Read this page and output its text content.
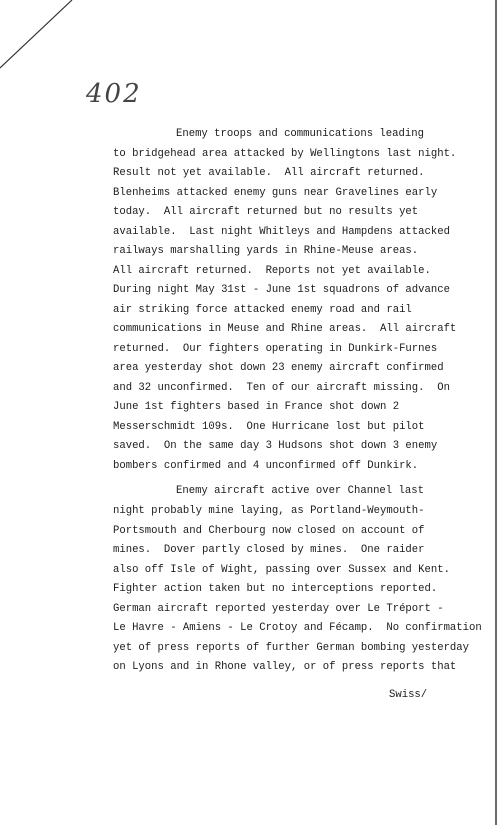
402
Enemy troops and communications leading
to bridgehead area attacked by Wellingtons last night.
Result not yet available.  All aircraft returned.
Blenheims attacked enemy guns near Gravelines early
today.  All aircraft returned but no results yet
available.  Last night Whitleys and Hampdens attacked
railways marshalling yards in Rhine-Meuse areas.
All aircraft returned.  Reports not yet available.
During night May 31st - June 1st squadrons of advance
air striking force attacked enemy road and rail
communications in Meuse and Rhine areas.  All aircraft
returned.  Our fighters operating in Dunkirk-Furnes
area yesterday shot down 23 enemy aircraft confirmed
and 32 unconfirmed.  Ten of our aircraft missing.  On
June 1st fighters based in France shot down 2
Messerschmidt 109s.  One Hurricane lost but pilot
saved.  On the same day 3 Hudsons shot down 3 enemy
bombers confirmed and 4 unconfirmed off Dunkirk.
Enemy aircraft active over Channel last
night probably mine laying, as Portland-Weymouth-
Portsmouth and Cherbourg now closed on account of
mines.  Dover partly closed by mines.  One raider
also off Isle of Wight, passing over Sussex and Kent.
Fighter action taken but no interceptions reported.
German aircraft reported yesterday over Le Tréport -
Le Havre - Amiens - Le Crotoy and Fécamp.  No confirmation
yet of press reports of further German bombing yesterday
on Lyons and in Rhone valley, or of press reports that
Swiss/
